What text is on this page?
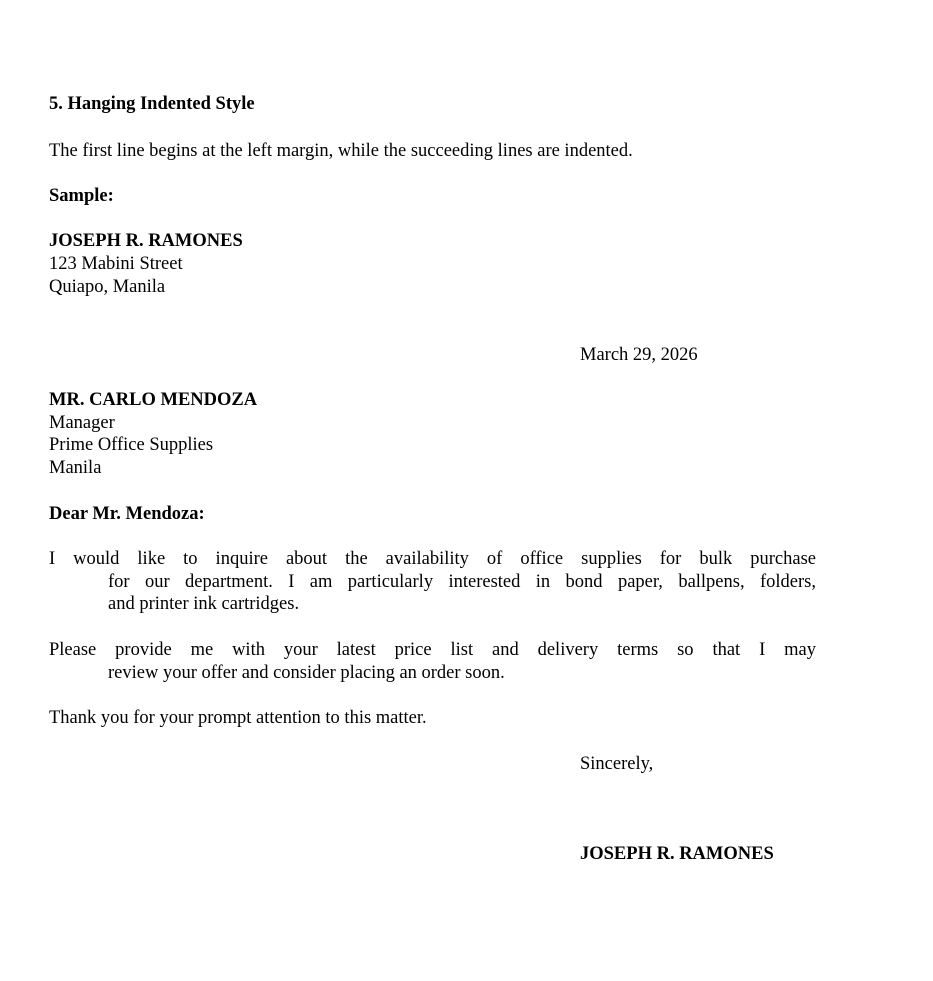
5. Hanging Indented Style
The first line begins at the left margin, while the succeeding lines are indented.
Sample:
JOSEPH R. RAMONES
123 Mabini Street
Quiapo, Manila
March 29, 2026
MR. CARLO MENDOZA
Manager
Prime Office Supplies
Manila
Dear Mr. Mendoza:
I would like to inquire about the availability of office supplies for bulk purchase
for our department. I am particularly interested in bond paper, ballpens, folders,
and printer ink cartridges.
Please provide me with your latest price list and delivery terms so that I may
review your offer and consider placing an order soon.
Thank you for your prompt attention to this matter.
Sincerely,
JOSEPH R. RAMONES
